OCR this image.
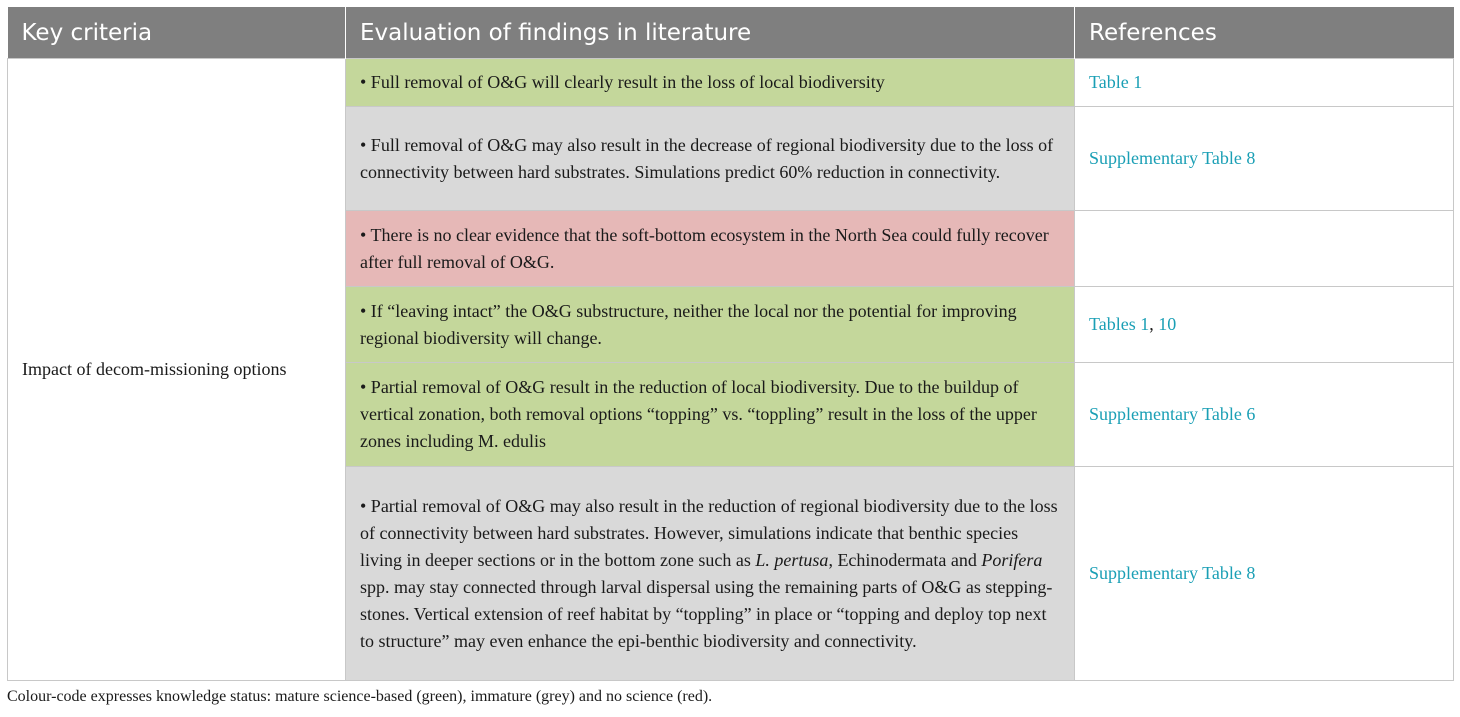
Key criteria	Evaluation of findings in literature	References
Impact of decom-missioning options	• Full removal of O&G will clearly result in the loss of local biodiversity	Table 1
	• Full removal of O&G may also result in the decrease of regional biodiversity due to the loss of connectivity between hard substrates. Simulations predict 60% reduction in connectivity.	Supplementary Table 8
	• There is no clear evidence that the soft-bottom ecosystem in the North Sea could fully recover after full removal of O&G.	
	• If “leaving intact” the O&G substructure, neither the local nor the potential for improving regional biodiversity will change.	Tables 1, 10
	• Partial removal of O&G result in the reduction of local biodiversity. Due to the buildup of vertical zonation, both removal options “topping” vs. “toppling” result in the loss of the upper zones including M. edulis	Supplementary Table 6
	• Partial removal of O&G may also result in the reduction of regional biodiversity due to the loss of connectivity between hard substrates. However, simulations indicate that benthic species living in deeper sections or in the bottom zone such as L. pertusa, Echinodermata and Porifera spp. may stay connected through larval dispersal using the remaining parts of O&G as stepping-stones. Vertical extension of reef habitat by “toppling” in place or “topping and deploy top next to structure” may even enhance the epi-benthic biodiversity and connectivity.	Supplementary Table 8
Colour-code expresses knowledge status: mature science-based (green), immature (grey) and no science (red).
